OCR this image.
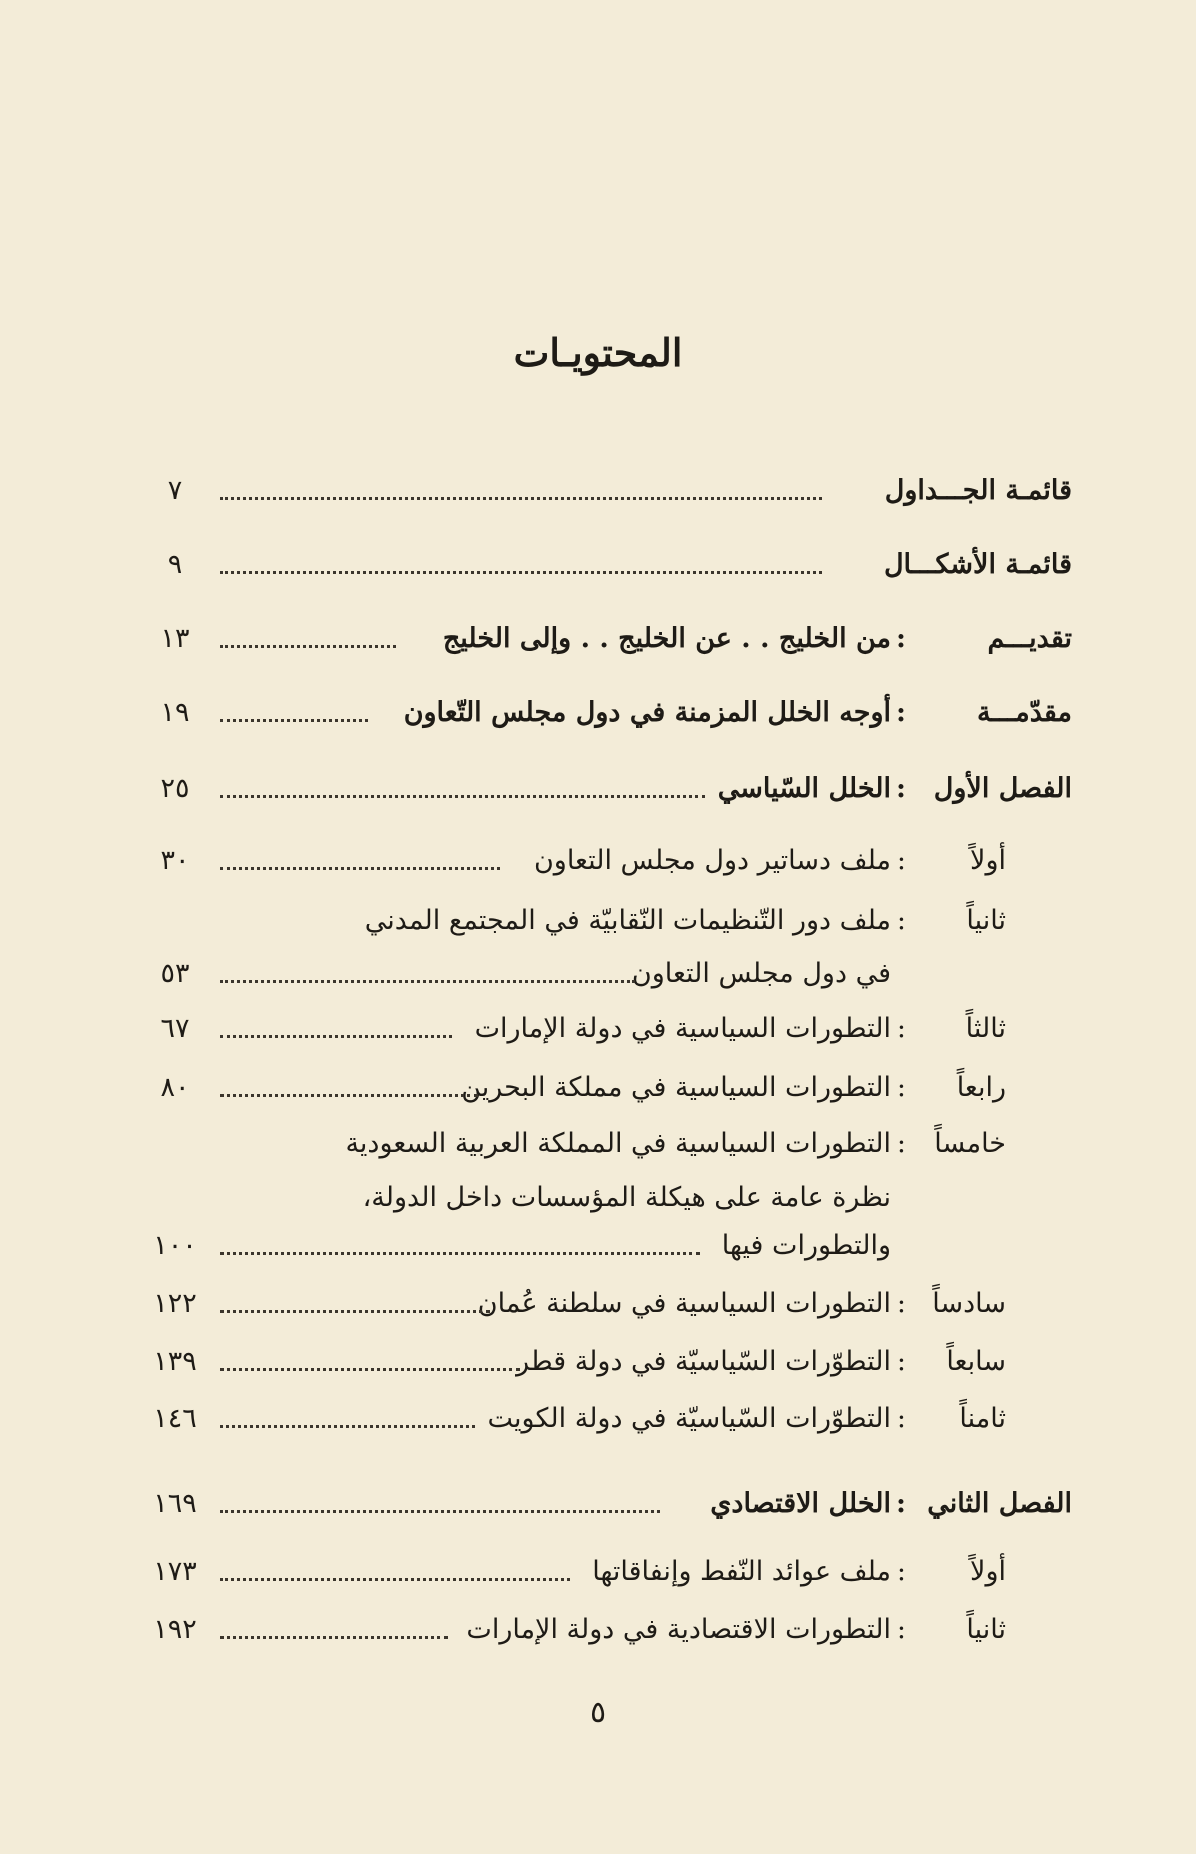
المحتويـات
قائمـة الجـــداول
٧
قائمـة الأشكـــال
٩
تقديـــم
:
من الخليج . . عن الخليج . . وإلى الخليج
١٣
مقدّمـــة
:
أوجه الخلل المزمنة في دول مجلس التّعاون
١٩
الفصل الأول
:
الخلل السّياسي
٢٥
أولاً
:
ملف دساتير دول مجلس التعاون
٣٠
ثانياً
:
ملف دور التّنظيمات النّقابيّة في المجتمع المدني
في دول مجلس التعاون
٥٣
ثالثاً
:
التطورات السياسية في دولة الإمارات
٦٧
رابعاً
:
التطورات السياسية في مملكة البحرين
٨٠
خامساً
:
التطورات السياسية في المملكة العربية السعودية
نظرة عامة على هيكلة المؤسسات داخل الدولة،
والتطورات فيها
١٠٠
سادساً
:
التطورات السياسية في سلطنة عُمان
١٢٢
سابعاً
:
التطوّرات السّياسيّة في دولة قطر
١٣٩
ثامناً
:
التطوّرات السّياسيّة في دولة الكويت
١٤٦
الفصل الثاني
:
الخلل الاقتصادي
١٦٩
أولاً
:
ملف عوائد النّفط وإنفاقاتها
١٧٣
ثانياً
:
التطورات الاقتصادية في دولة الإمارات
١٩٢
٥
